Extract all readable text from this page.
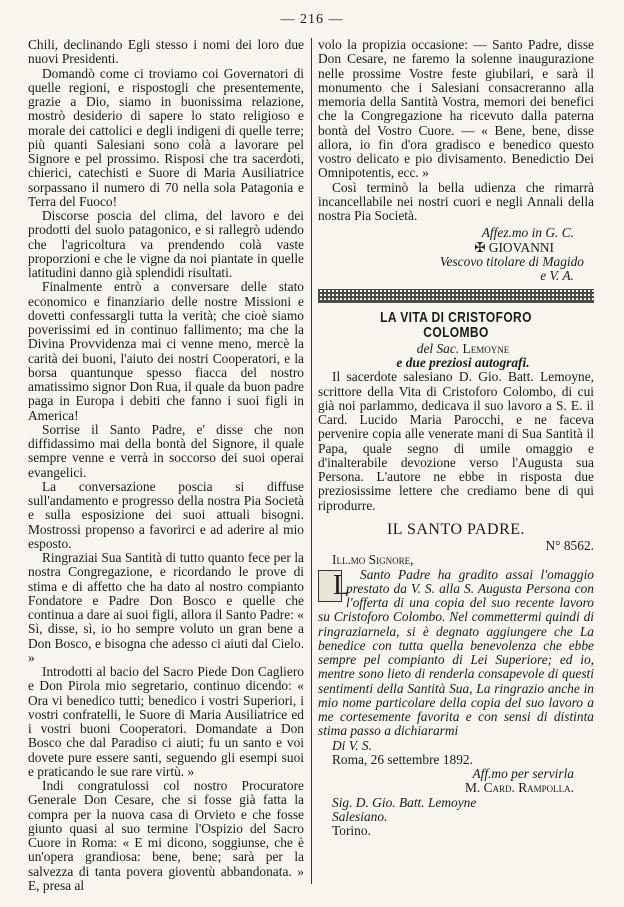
— 216 —

Chili, declinando Egli stesso i nomi dei loro due nuovi Presidenti.

Domandò come ci troviamo coi Governatori di quelle regioni, e rispostogli che presentemente, grazie a Dio, siamo in buonissima relazione, mostrò desiderio di sapere lo stato religioso e morale dei cattolici e degli indigeni di quelle terre; più quanti Salesiani sono colà a lavorare pel Signore e pel prossimo. Risposi che tra sacerdoti, chierici, catechisti e Suore di Maria Ausiliatrice sorpassano il numero di 70 nella sola Patagonia e Terra del Fuoco!

Discorse poscia del clima, del lavoro e dei prodotti del suolo patagonico, e si rallegrò udendo che l'agricoltura va prendendo colà vaste proporzioni e che le vigne da noi piantate in quelle latitudini danno già splendidi risultati.

Finalmente entrò a conversare delle stato economico e finanziario delle nostre Missioni e dovetti confessargli tutta la verità; che cioè siamo poverissimi ed in continuo fallimento; ma che la Divina Provvidenza mai ci venne meno, mercè la carità dei buoni, l'aiuto dei nostri Cooperatori, e la borsa quantunque spesso fiacca del nostro amatissimo signor Don Rua, il quale da buon padre paga in Europa i debiti che fanno i suoi figli in America!

Sorrise il Santo Padre, e' disse che non diffidassimo mai della bontà del Signore, il quale sempre venne e verrà in soccorso dei suoi operai evangelici.

La conversazione poscia si diffuse sull'andamento e progresso della nostra Pia Società e sulla esposizione dei suoi attuali bisogni. Mostrossi propenso a favorirci e ad aderire al mio esposto.

Ringraziai Sua Santità di tutto quanto fece per la nostra Congregazione, e ricordando le prove di stima e di affetto che ha dato al nostro compianto Fondatore e Padre Don Bosco e quelle che continua a dare ai suoi figli, allora il Santo Padre: « Sì, disse, sì, io ho sempre voluto un gran bene a Don Bosco, e bisogna che adesso ci aiuti dal Cielo. »

Introdotti al bacio del Sacro Piede Don Cagliero e Don Pirola mio segretario, continuo dicendo: « Ora vi benedico tutti; benedico i vostri Superiori, i vostri confratelli, le Suore di Maria Ausiliatrice ed i vostri buoni Cooperatori. Domandate a Don Bosco che dal Paradiso ci aiuti; fu un santo e voi dovete pure essere santi, seguendo gli esempi suoi e praticando le sue rare virtù. »

Indi congratulossi col nostro Procuratore Generale Don Cesare, che si fosse già fatta la compra per la nuova casa di Orvieto e che fosse giunto quasi al suo termine l'Ospizio del Sacro Cuore in Roma: « E mi dicono, soggiunse, che è un'opera grandiosa: bene, bene; sarà per la salvezza di tanta povera gioventù abbandonata. » E, presa al

volo la propizia occasione: — Santo Padre, disse Don Cesare, ne faremo la solenne inaugurazione nelle prossime Vostre feste giubilari, e sarà il monumento che i Salesiani consacreranno alla memoria della Santità Vostra, memori dei benefici che la Congregazione ha ricevuto dalla paterna bontà del Vostro Cuore. — « Bene, bene, disse allora, io fin d'ora gradisco e benedico questo vostro delicato e pio divisamento. Benedictio Dei Omnipotentis, ecc. »

Così terminò la bella udienza che rimarrà incancellabile nei nostri cuori e negli Annali della nostra Pia Società.

Affez.mo in G. C.

✠ GIOVANNI

Vescovo titolare di Magido

e V. A.

LA VITA DI CRISTOFORO COLOMBO

del Sac. Lemoyne

e due preziosi autografi.

Il sacerdote salesiano D. Gio. Batt. Lemoyne, scrittore della Vita di Cristoforo Colombo, di cui già noi parlammo, dedicava il suo lavoro a S. E. il Card. Lucido Maria Parocchi, e ne faceva pervenire copia alle venerate mani di Sua Santità il Papa, quale segno di umile omaggio e d'inalterabile devozione verso l'Augusta sua Persona. L'autore ne ebbe in risposta due preziosissime lettere che crediamo bene di qui riprodurre.

IL SANTO PADRE.

N° 8562.

Ill.mo Signore,

L Santo Padre ha gradito assai l'omaggio prestato da V. S. alla S. Augusta Persona con l'offerta di una copia del suo recente lavoro su Cristoforo Colombo. Nel commettermi quindi di ringraziarnela, si è degnato aggiungere che La benedice con tutta quella benevolenza che ebbe sempre pel compianto di Lei Superiore; ed io, mentre sono lieto di renderla consapevole di questi sentimenti della Santità Sua, La ringrazio anche in mio nome particolare della copia del suo lavoro a me cortesemente favorita e con sensi di distinta stima passo a dichiararmi

Di V. S.

Roma, 26 settembre 1892.

Aff.mo per servirla

M. Card. Rampolla.

Sig. D. Gio. Batt. Lemoyne

Salesiano.

Torino.
